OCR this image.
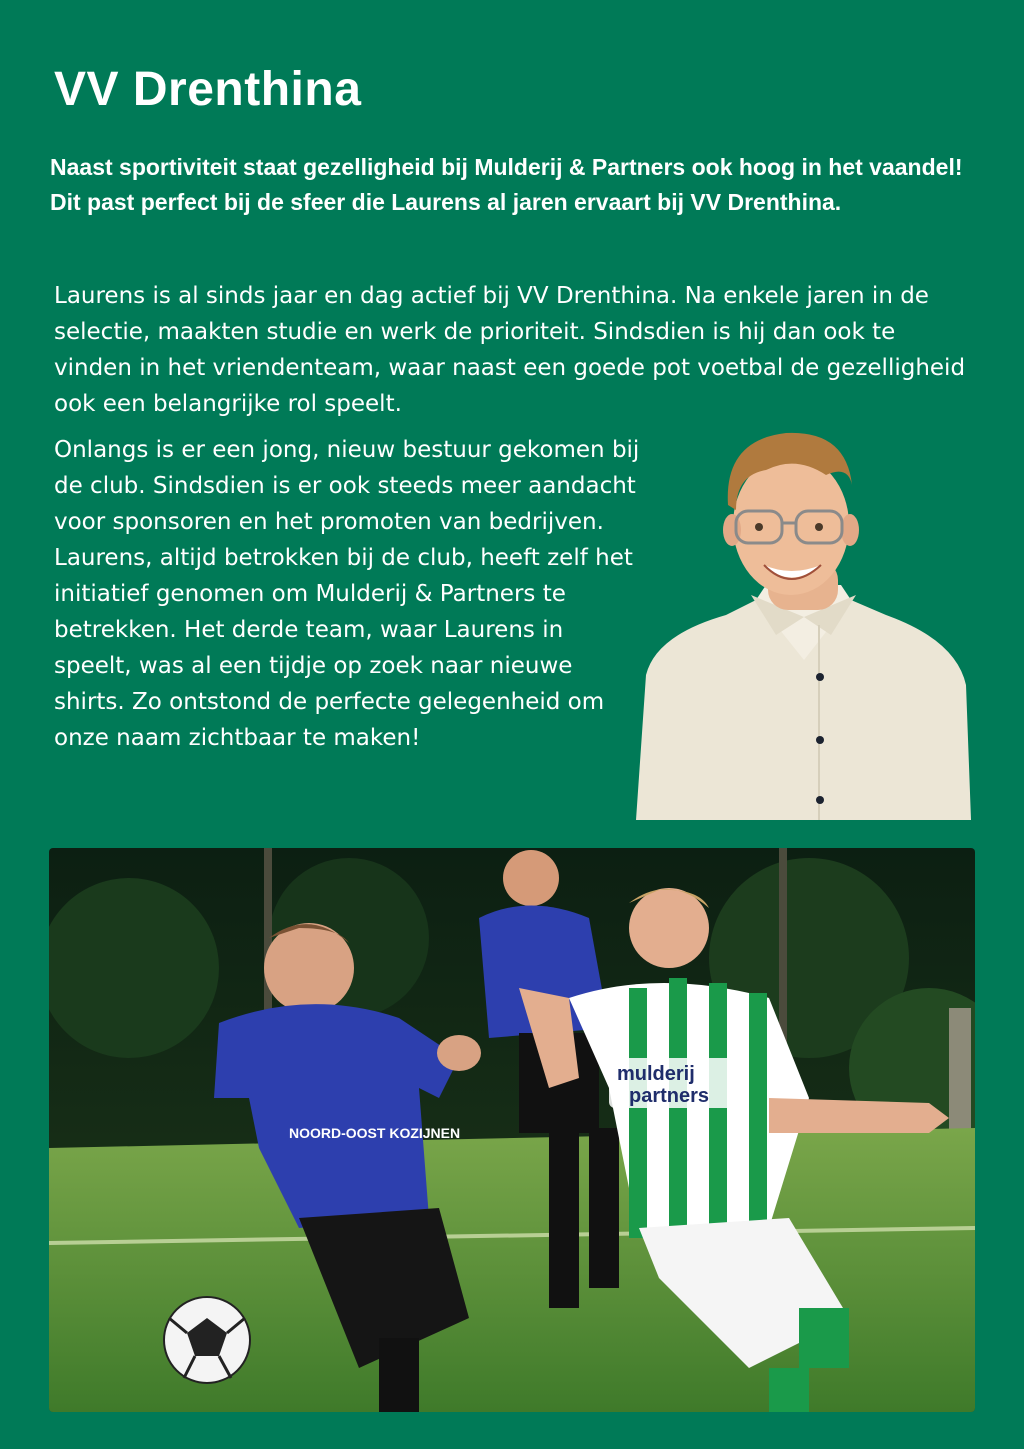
VV Drenthina

Naast sportiviteit staat gezelligheid bij Mulderij & Partners ook hoog in het vaandel! Dit past perfect bij de sfeer die Laurens al jaren ervaart bij VV Drenthina.

Laurens is al sinds jaar en dag actief bij VV Drenthina. Na enkele jaren in de selectie, maakten studie en werk de prioriteit. Sindsdien is hij dan ook te vinden in het vriendenteam, waar naast een goede pot voetbal de gezelligheid ook een belangrijke rol speelt.

Onlangs is er een jong, nieuw bestuur gekomen bij de club. Sindsdien is er ook steeds meer aandacht voor sponsoren en het promoten van bedrijven. Laurens, altijd betrokken bij de club, heeft zelf het initiatief genomen om Mulderij & Partners te betrekken. Het derde team, waar Laurens in speelt, was al een tijdje op zoek naar nieuwe shirts. Zo ontstond de perfecte gelegenheid om onze naam zichtbaar te maken!

NOORD-OOST KOZIJNEN
mulderij
partners
